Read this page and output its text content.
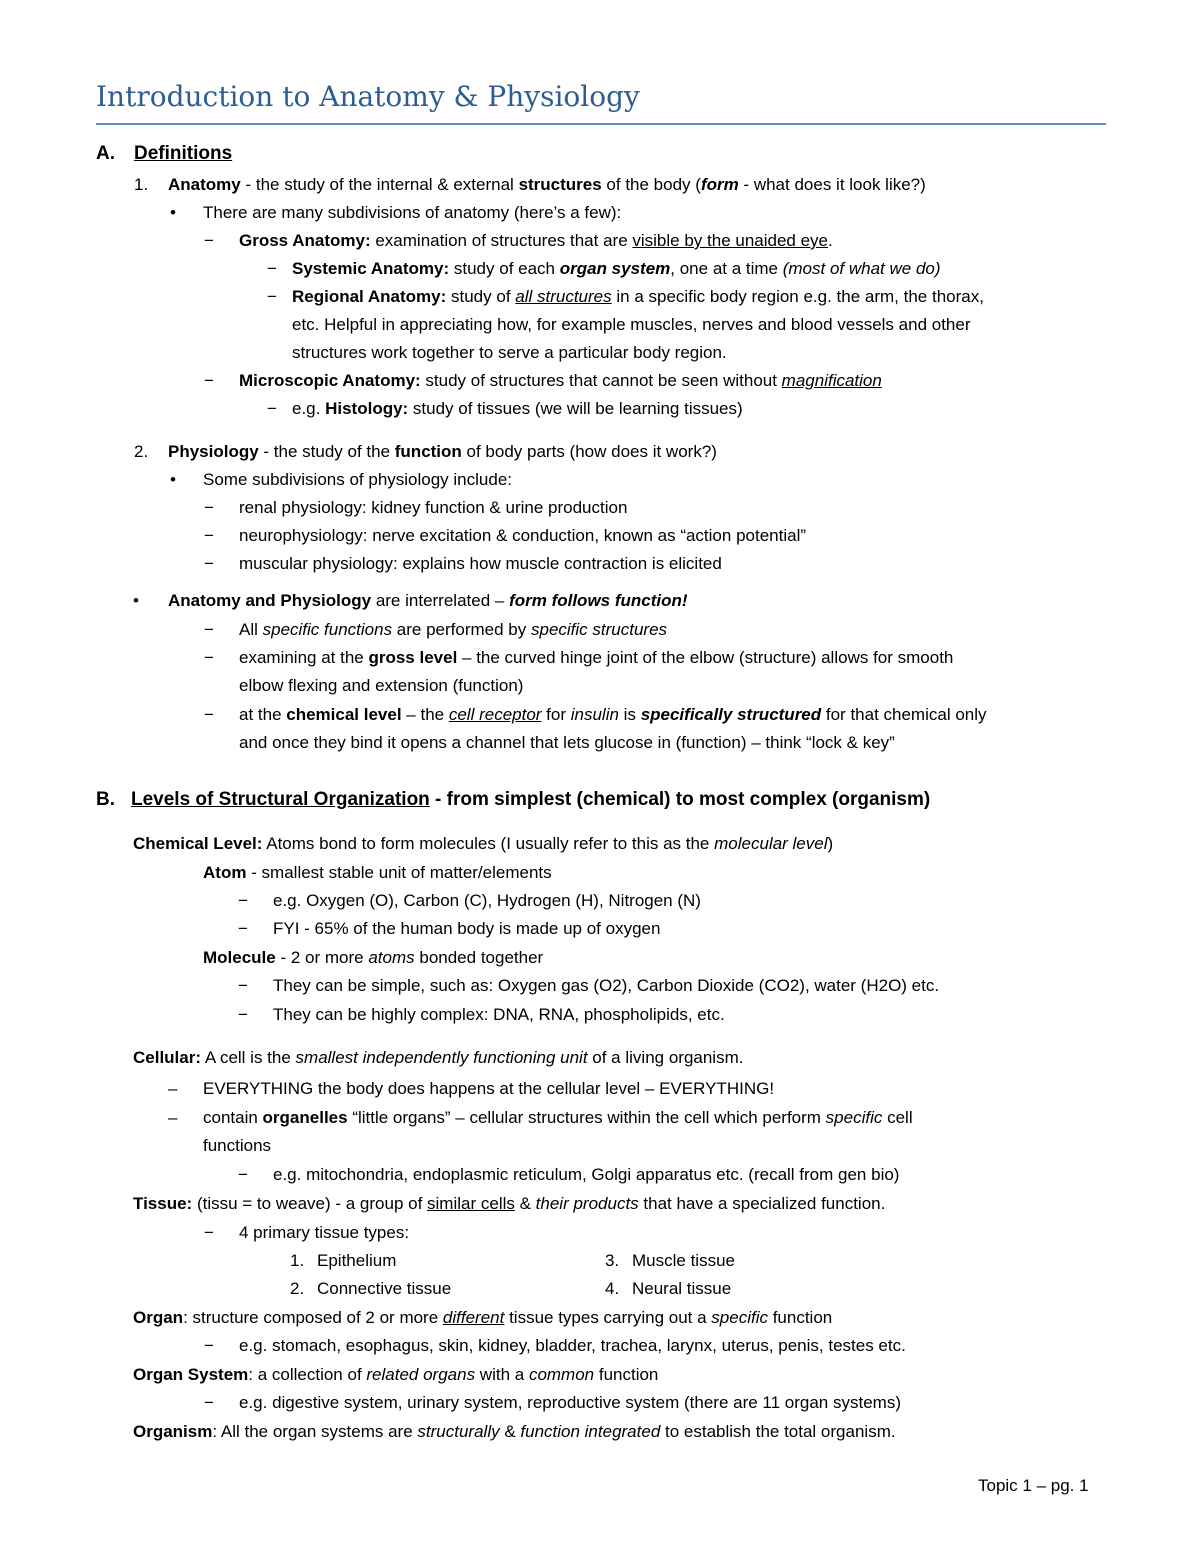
Introduction to Anatomy & Physiology
A. Definitions
1. Anatomy - the study of the internal & external structures of the body (form - what does it look like?)
• There are many subdivisions of anatomy (here’s a few):
− Gross Anatomy: examination of structures that are visible by the unaided eye.
− Systemic Anatomy: study of each organ system, one at a time (most of what we do)
− Regional Anatomy: study of all structures in a specific body region e.g. the arm, the thorax,
etc. Helpful in appreciating how, for example muscles, nerves and blood vessels and other
structures work together to serve a particular body region.
− Microscopic Anatomy: study of structures that cannot be seen without magnification
− e.g. Histology: study of tissues (we will be learning tissues)
2. Physiology - the study of the function of body parts (how does it work?)
• Some subdivisions of physiology include:
− renal physiology: kidney function & urine production
− neurophysiology: nerve excitation & conduction, known as “action potential”
− muscular physiology: explains how muscle contraction is elicited
• Anatomy and Physiology are interrelated – form follows function!
− All specific functions are performed by specific structures
− examining at the gross level – the curved hinge joint of the elbow (structure) allows for smooth
elbow flexing and extension (function)
− at the chemical level – the cell receptor for insulin is specifically structured for that chemical only
and once they bind it opens a channel that lets glucose in (function) – think “lock & key”
B. Levels of Structural Organization - from simplest (chemical) to most complex (organism)
Chemical Level: Atoms bond to form molecules (I usually refer to this as the molecular level)
Atom - smallest stable unit of matter/elements
− e.g. Oxygen (O), Carbon (C), Hydrogen (H), Nitrogen (N)
− FYI - 65% of the human body is made up of oxygen
Molecule - 2 or more atoms bonded together
− They can be simple, such as: Oxygen gas (O2), Carbon Dioxide (CO2), water (H2O) etc.
− They can be highly complex: DNA, RNA, phospholipids, etc.
Cellular: A cell is the smallest independently functioning unit of a living organism.
– EVERYTHING the body does happens at the cellular level – EVERYTHING!
– contain organelles “little organs” – cellular structures within the cell which perform specific cell
functions
− e.g. mitochondria, endoplasmic reticulum, Golgi apparatus etc. (recall from gen bio)
Tissue: (tissu = to weave) - a group of similar cells & their products that have a specialized function.
− 4 primary tissue types:
1. Epithelium
2. Connective tissue
3. Muscle tissue
4. Neural tissue
Organ: structure composed of 2 or more different tissue types carrying out a specific function
− e.g. stomach, esophagus, skin, kidney, bladder, trachea, larynx, uterus, penis, testes etc.
Organ System: a collection of related organs with a common function
− e.g. digestive system, urinary system, reproductive system (there are 11 organ systems)
Organism: All the organ systems are structurally & function integrated to establish the total organism.
Topic 1 – pg. 1
